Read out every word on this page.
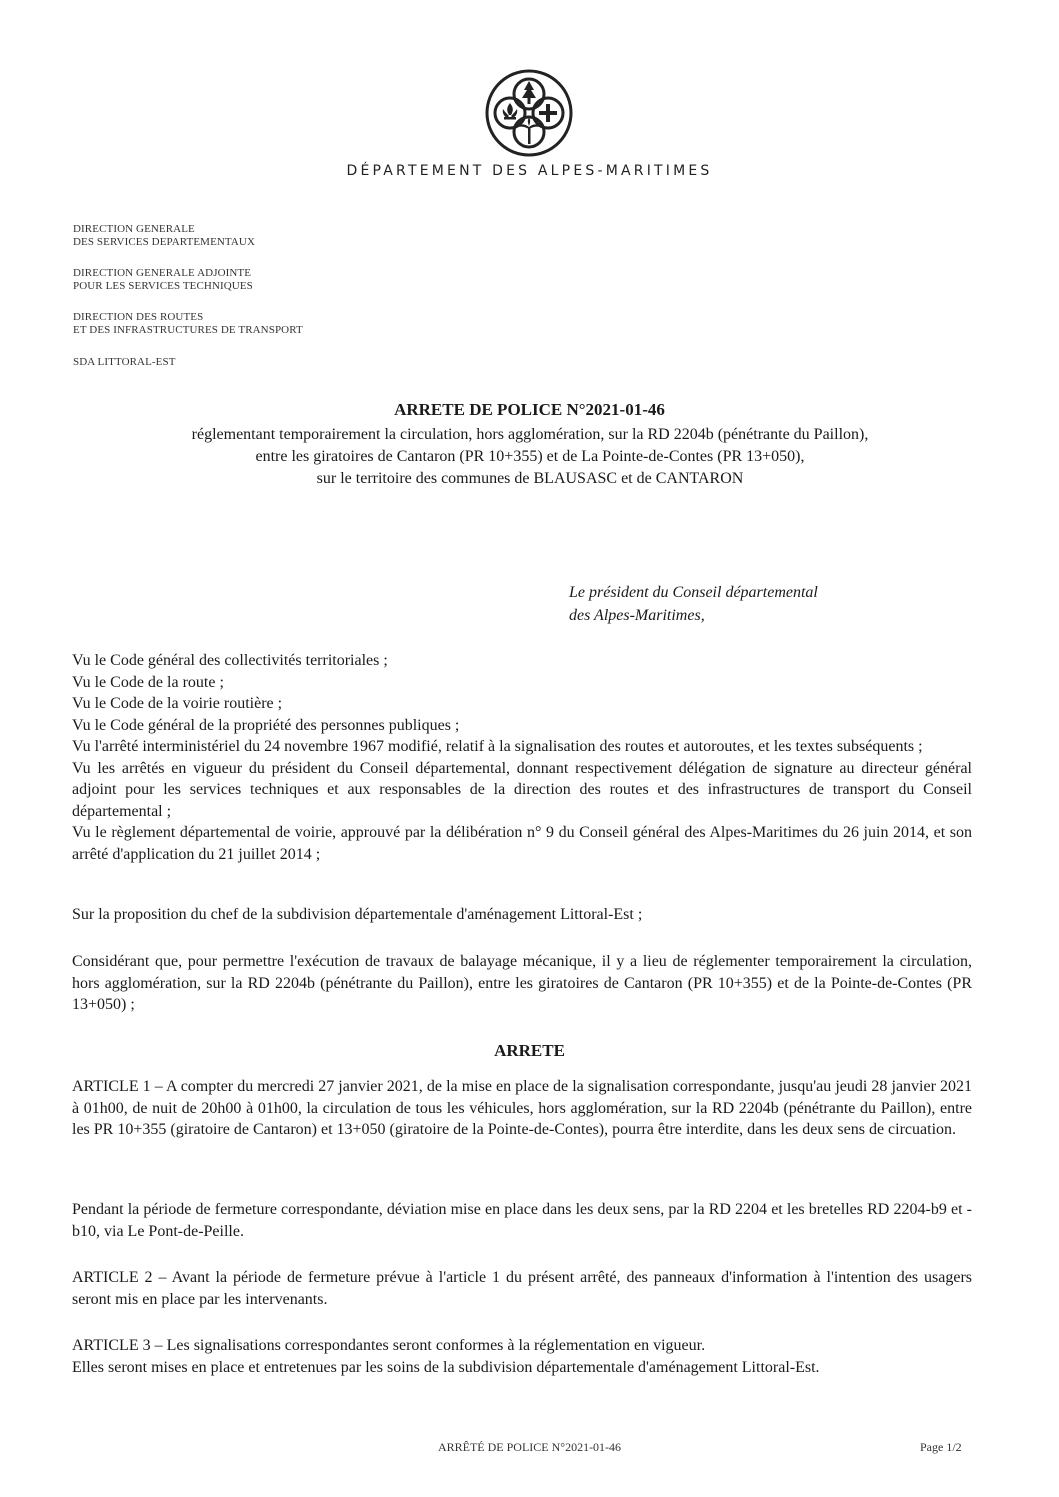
DÉPARTEMENT DES ALPES-MARITIMES
DIRECTION GENERALE
DES SERVICES DEPARTEMENTAUX
DIRECTION GENERALE ADJOINTE
POUR LES SERVICES TECHNIQUES
DIRECTION DES ROUTES
ET DES INFRASTRUCTURES DE TRANSPORT
SDA LITTORAL-EST
ARRETE DE POLICE N°2021-01-46
réglementant temporairement la circulation, hors agglomération, sur la RD 2204b (pénétrante du Paillon),
entre les giratoires de Cantaron (PR 10+355) et de La Pointe-de-Contes (PR 13+050),
sur le territoire des communes de BLAUSASC et de CANTARON
Le président du Conseil départemental
des Alpes-Maritimes,

Vu le Code général des collectivités territoriales ;

Vu le Code de la route ;

Vu le Code de la voirie routière ;

Vu le Code général de la propriété des personnes publiques ;

Vu l'arrêté interministériel du 24 novembre 1967 modifié, relatif à la signalisation des routes et autoroutes, et les textes subséquents ;

Vu les arrêtés en vigueur du président du Conseil départemental, donnant respectivement délégation de signature au directeur général adjoint pour les services techniques et aux responsables de la direction des routes et des infrastructures de transport du Conseil départemental ;

Vu le règlement départemental de voirie, approuvé par la délibération n° 9 du Conseil général des Alpes-Maritimes du 26 juin 2014, et son arrêté d'application du 21 juillet 2014 ;

Sur la proposition du chef de la subdivision départementale d'aménagement Littoral-Est ;

Considérant que, pour permettre l'exécution de travaux de balayage mécanique, il y a lieu de réglementer temporairement la circulation, hors agglomération, sur la RD 2204b (pénétrante du Paillon), entre les giratoires de Cantaron (PR 10+355) et de la Pointe-de-Contes (PR 13+050) ;

ARRETE

ARTICLE 1 – A compter du mercredi 27 janvier 2021, de la mise en place de la signalisation correspondante, jusqu'au jeudi 28 janvier 2021 à 01h00, de nuit de 20h00 à 01h00, la circulation de tous les véhicules, hors agglomération, sur la RD 2204b (pénétrante du Paillon), entre les PR 10+355 (giratoire de Cantaron) et 13+050 (giratoire de la Pointe-de-Contes), pourra être interdite, dans les deux sens de circuation.

Pendant la période de fermeture correspondante, déviation mise en place dans les deux sens, par la RD 2204 et les bretelles RD 2204-b9 et -b10, via Le Pont-de-Peille.

ARTICLE 2 – Avant la période de fermeture prévue à l'article 1 du présent arrêté, des panneaux d'information à l'intention des usagers seront mis en place par les intervenants.

ARTICLE 3 – Les signalisations correspondantes seront conformes à la réglementation en vigueur.

Elles seront mises en place et entretenues par les soins de la subdivision départementale d'aménagement Littoral-Est.

ARRÊTÉ DE POLICE N°2021-01-46	Page 1/2
